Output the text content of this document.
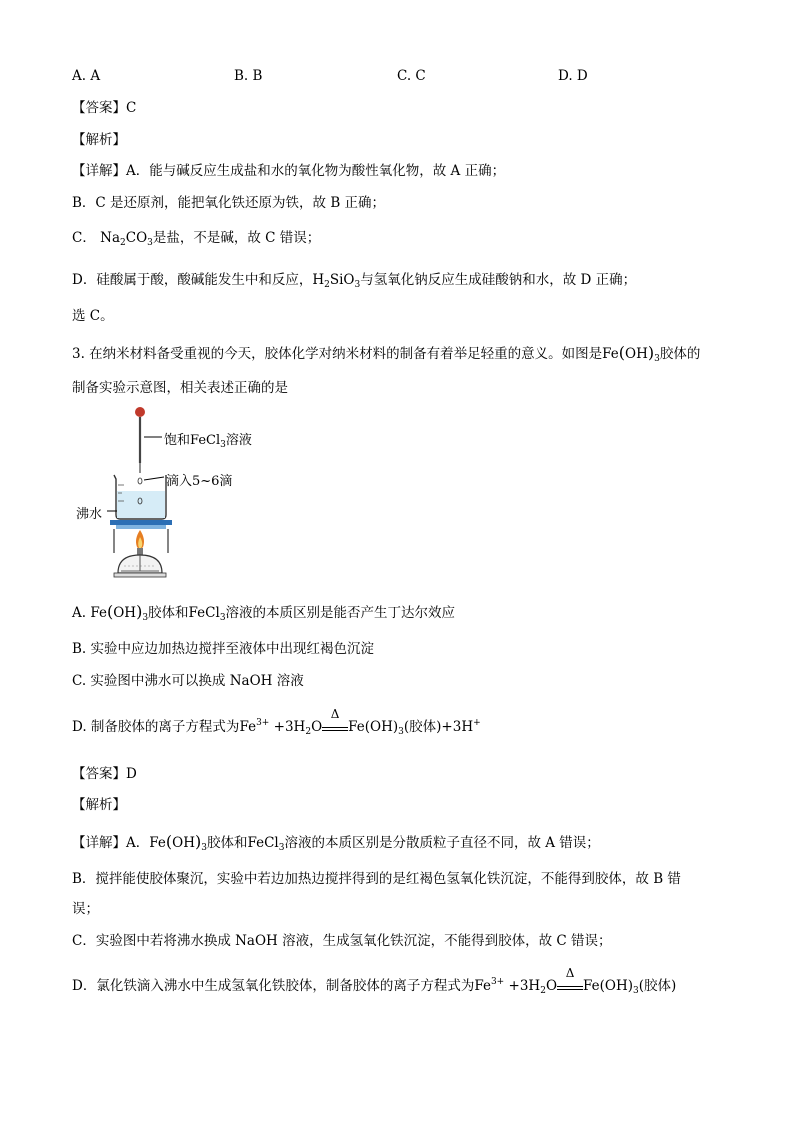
A. A	B. B	C. C	D. D
【答案】C
【解析】
【详解】A．能与碱反应生成盐和水的氧化物为酸性氧化物，故 A 正确；
B．C 是还原剂，能把氧化铁还原为铁，故 B 正确；
C． $Na_2CO_3$是盐，不是碱，故 C 错误；
D．硅酸属于酸，酸碱能发生中和反应，$H_2SiO_3$与氢氧化钠反应生成硅酸钠和水，故 D 正确；
选 C。
3. 在纳米材料备受重视的今天，胶体化学对纳米材料的制备有着举足轻重的意义。如图是$Fe(OH)_3$胶体的
制备实验示意图，相关表述正确的是
饱和FeCl$_3$溶液
滴入5~6滴
沸水
A. $Fe(OH)_3$胶体和FeCl$_3$溶液的本质区别是能否产生丁达尔效应
B. 实验中应边加热边搅拌至液体中出现红褐色沉淀
C. 实验图中沸水可以换成 NaOH 溶液
D. 制备胶体的离子方程式为$Fe^{3+} +3H_2O$
Δ
$Fe(OH)_3$(胶体)+3H+
【答案】D
【解析】
【详解】A．$Fe(OH)_3$胶体和FeCl$_3$溶液的本质区别是分散质粒子直径不同，故 A 错误；
B．搅拌能使胶体聚沉，实验中若边加热边搅拌得到的是红褐色氢氧化铁沉淀，不能得到胶体，故 B 错
误；
C．实验图中若将沸水换成 NaOH 溶液，生成氢氧化铁沉淀，不能得到胶体，故 C 错误；
D．氯化铁滴入沸水中生成氢氧化铁胶体，制备胶体的离子方程式为$Fe^{3+} +3H_2O$
Δ
$Fe(OH)_3$(胶体)
